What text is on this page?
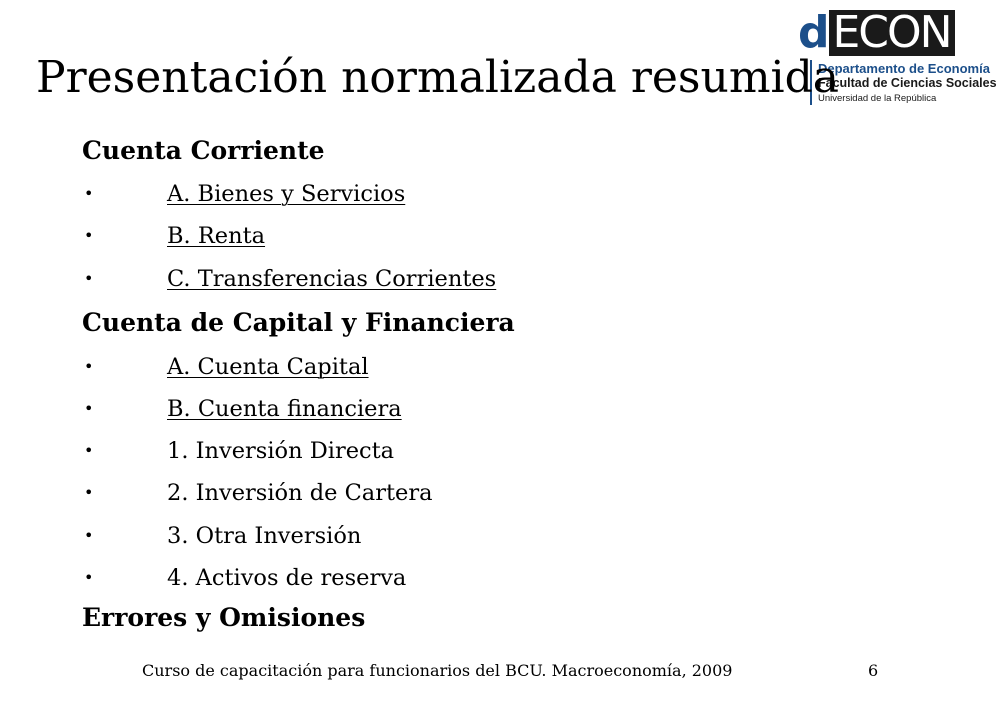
dECON
Departamento de Economía
Facultad de Ciencias Sociales
Universidad de la República
Presentación normalizada resumida
Cuenta Corriente
•	A. Bienes y Servicios
•	B. Renta
•	C. Transferencias Corrientes
Cuenta de Capital y Financiera
•	A. Cuenta Capital
•	B. Cuenta financiera
•	1. Inversión Directa
•	2. Inversión de Cartera
•	3. Otra Inversión
•	4. Activos de reserva
Errores y Omisiones
Curso de capacitación para funcionarios del BCU. Macroeconomía, 2009	6
